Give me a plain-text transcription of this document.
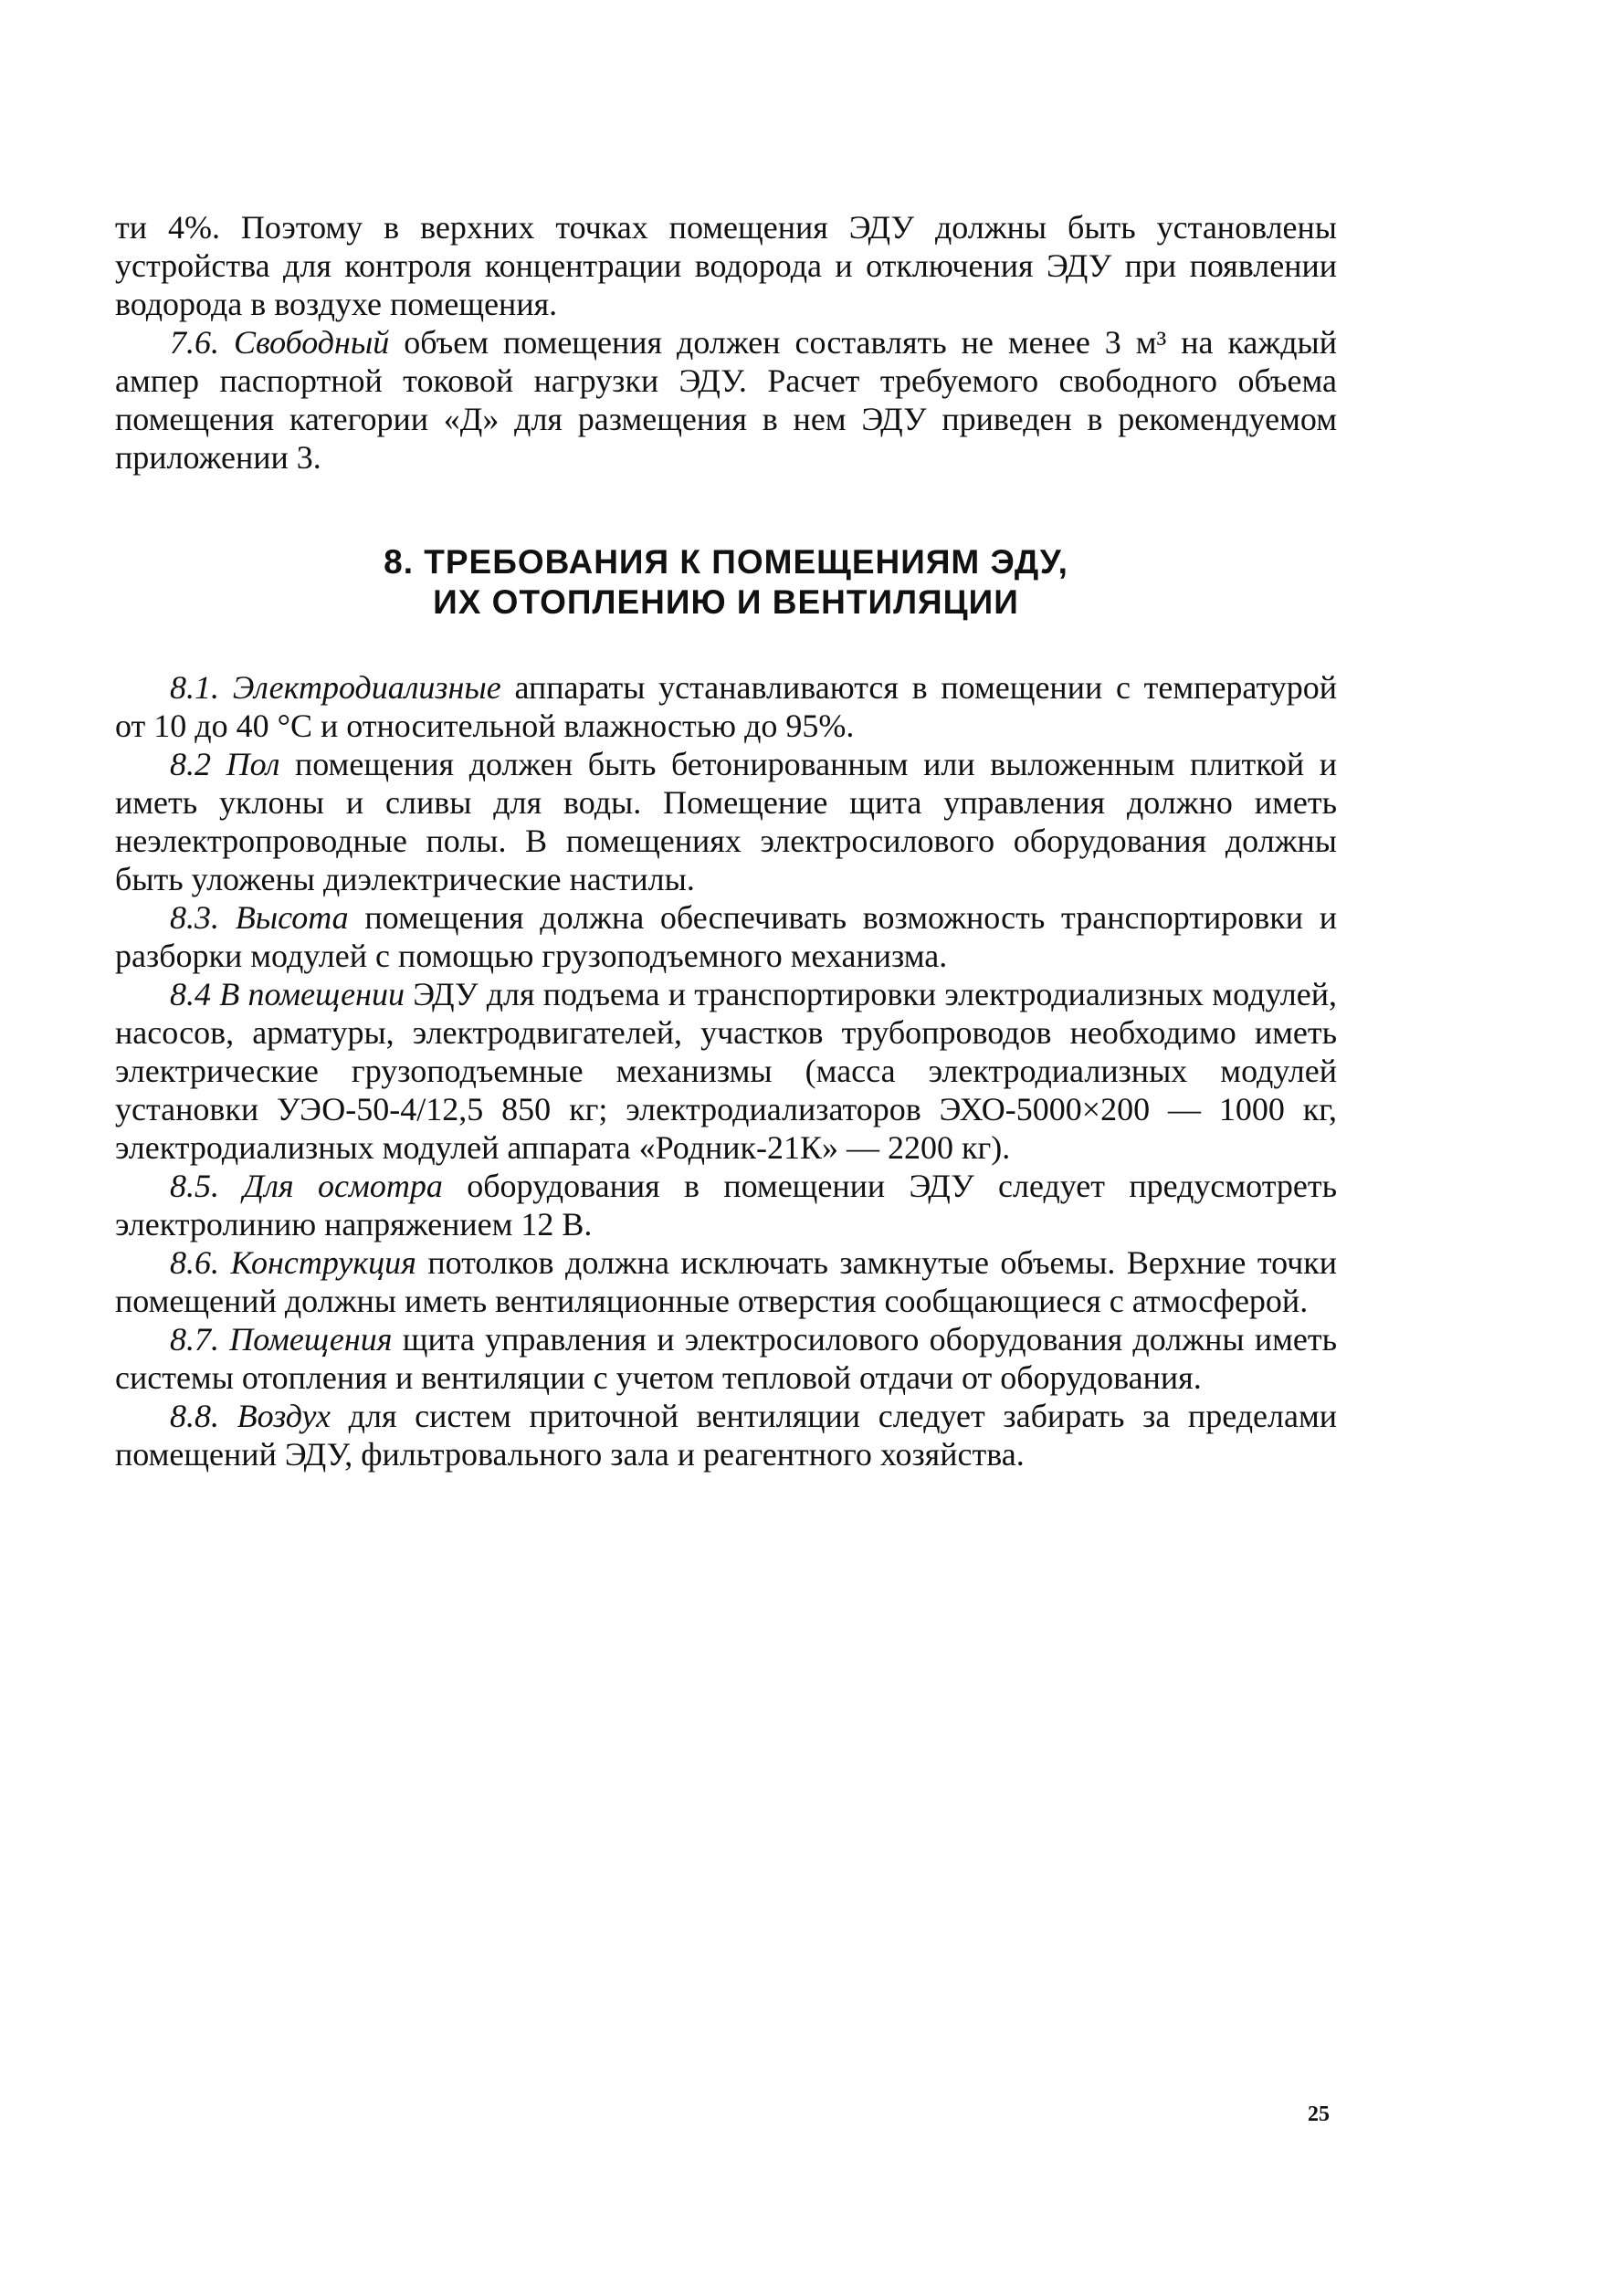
ти 4%. Поэтому в верхних точках помещения ЭДУ должны быть установлены устройства для контроля концентрации водорода и отключения ЭДУ при появлении водорода в воздухе помещения.

7.6. Свободный объем помещения должен составлять не менее 3 м³ на каждый ампер паспортной токовой нагрузки ЭДУ. Расчет требуемого свободного объема помещения категории «Д» для размещения в нем ЭДУ приведен в рекомендуемом приложении 3.

8. ТРЕБОВАНИЯ К ПОМЕЩЕНИЯМ ЭДУ,
ИХ ОТОПЛЕНИЮ И ВЕНТИЛЯЦИИ

8.1. Электродиализные аппараты устанавливаются в помещении с температурой от 10 до 40 °С и относительной влажностью до 95%.

8.2 Пол помещения должен быть бетонированным или выложенным плиткой и иметь уклоны и сливы для воды. Помещение щита управления должно иметь неэлектропроводные полы. В помещениях электросилового оборудования должны быть уложены диэлектрические настилы.

8.3. Высота помещения должна обеспечивать возможность транспортировки и разборки модулей с помощью грузоподъемного механизма.

8.4 В помещении ЭДУ для подъема и транспортировки электродиализных модулей, насосов, арматуры, электродвигателей, участков трубопроводов необходимо иметь электрические грузоподъемные механизмы (масса электродиализных модулей установки УЭО-50-4/12,5 850 кг; электродиализаторов ЭХО-5000×200 — 1000 кг, электродиализных модулей аппарата «Родник-21К» — 2200 кг).

8.5. Для осмотра оборудования в помещении ЭДУ следует предусмотреть электролинию напряжением 12 В.

8.6. Конструкция потолков должна исключать замкнутые объемы. Верхние точки помещений должны иметь вентиляционные отверстия сообщающиеся с атмосферой.

8.7. Помещения щита управления и электросилового оборудования должны иметь системы отопления и вентиляции с учетом тепловой отдачи от оборудования.

8.8. Воздух для систем приточной вентиляции следует забирать за пределами помещений ЭДУ, фильтровального зала и реагентного хозяйства.

25
